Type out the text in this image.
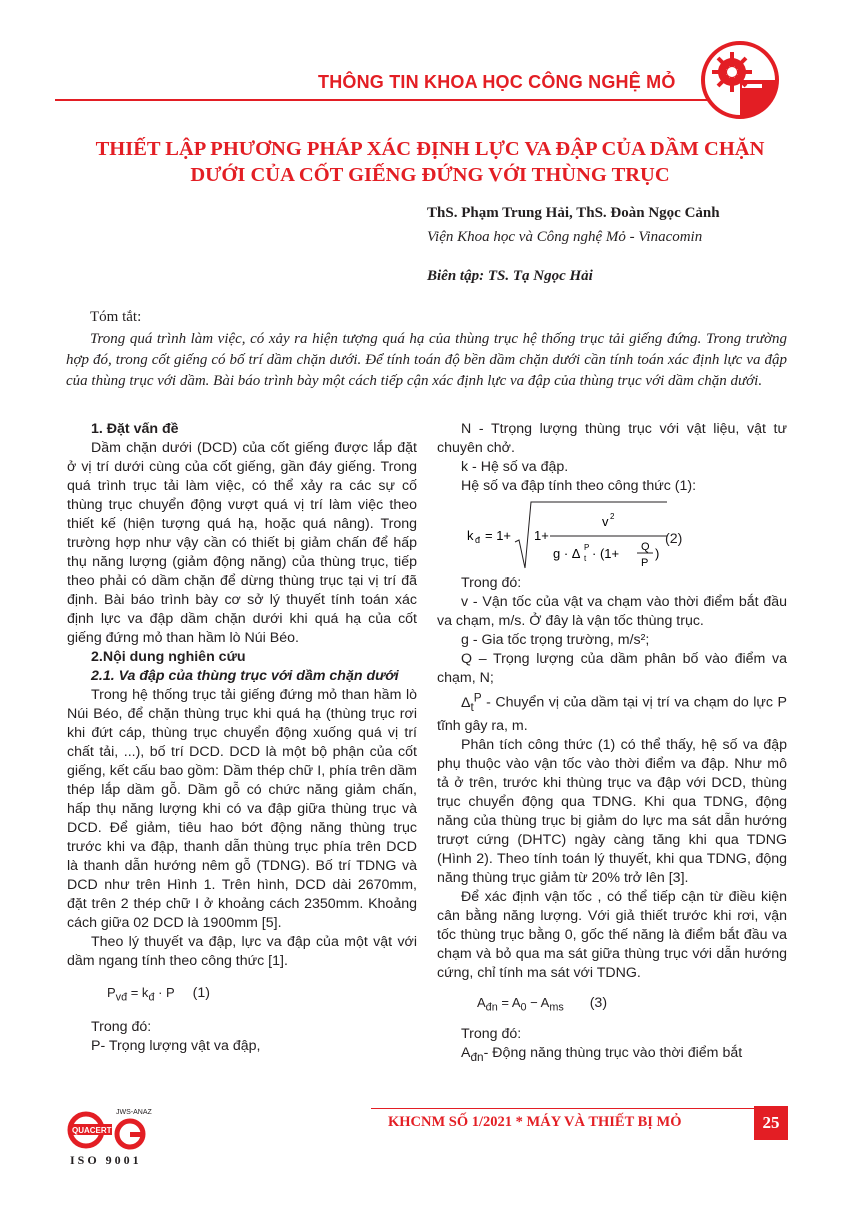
THÔNG TIN KHOA HỌC CÔNG NGHỆ MỎ
THIẾT LẬP PHƯƠNG PHÁP XÁC ĐỊNH LỰC VA ĐẬP CỦA DẦM CHẶN
DƯỚI CỦA CỐT GIẾNG ĐỨNG VỚI THÙNG TRỤC
ThS. Phạm Trung Hải, ThS. Đoàn Ngọc Cảnh
Viện Khoa học và Công nghệ Mỏ - Vinacomin
Biên tập: TS. Tạ Ngọc Hải
Tóm tắt:
Trong quá trình làm việc, có xảy ra hiện tượng quá hạ của thùng trục hệ thống trục tải giếng đứng. Trong trường hợp đó, trong cốt giếng có bố trí dầm chặn dưới. Để tính toán độ bền dầm chặn dưới cần tính toán xác định lực va đập của thùng trục với dầm. Bài báo trình bày một cách tiếp cận xác định lực va đập của thùng trục với dầm chặn dưới.
1. Đặt vấn đề

Dầm chặn dưới (DCD) của cốt giếng được lắp đặt ở vị trí dưới cùng của cốt giếng, gần đáy giếng. Trong quá trình trục tải làm việc, có thể xảy ra các sự cố thùng trục chuyển động vượt quá vị trí làm việc theo thiết kế (hiện tượng quá hạ, hoặc quá nâng). Trong trường hợp như vậy cần có thiết bị giảm chấn để hấp thụ năng lượng (giảm động năng) của thùng trục, tiếp theo phải có dầm chặn để dừng thùng trục tại vị trí đã định. Bài báo trình bày cơ sở lý thuyết tính toán xác định lực va đập dầm chặn dưới khi quá hạ của cốt giếng đứng mỏ than hầm lò Núi Béo.

2.Nội dung nghiên cứu

2.1. Va đập của thùng trục với dầm chặn dưới

Trong hệ thống trục tải giếng đứng mỏ than hầm lò Núi Béo, để chặn thùng trục khi quá hạ (thùng trục rơi khi đứt cáp, thùng trục chuyển động xuống quá vị trí chất tải, ...), bố trí DCD. DCD là một bộ phận của cốt giếng, kết cấu bao gồm: Dầm thép chữ I, phía trên dầm thép lắp dầm gỗ. Dầm gỗ có chức năng giảm chấn, hấp thụ năng lượng khi có va đập giữa thùng trục và DCD. Để giảm, tiêu hao bớt động năng thùng trục trước khi va đập, thanh dẫn thùng trục phía trên DCD là thanh dẫn hướng nêm gỗ (TDNG). Bố trí TDNG và DCD như trên Hình 1. Trên hình, DCD dài 2670mm, đặt trên 2 thép chữ I ở khoảng cách 2350mm. Khoảng cách giữa 02 DCD là 1900mm [5].

Theo lý thuyết va đập, lực va đập của một vật với dầm ngang tính theo công thức [1].

$P_{vđ} = k_đ \cdot P$ (1)

Trong đó:

P- Trọng lượng vật va đập,

N - Ttrọng lượng thùng trục với vật liệu, vật tư chuyên chở.

k - Hệ số va đập.

Hệ số va đập tính theo công thức (1):

k đ = 1+ 1+
v 2
g · Δ t
P · (1+ Q
P
)
(2)

Trong đó:

v - Vận tốc của vật va chạm vào thời điểm bắt đầu va chạm, m/s. Ở đây là vận tốc thùng trục.

g - Gia tốc trọng trường, m/s²;

Q – Trọng lượng của dầm phân bố vào điểm va chạm, N;

$\Delta_t^P$ - Chuyển vị của dầm tại vị trí va chạm do lực P tĩnh gây ra, m.

Phân tích công thức (1) có thể thấy, hệ số va đập phụ thuộc vào vận tốc vào thời điểm va đập. Như mô tả ở trên, trước khi thùng trục va đập với DCD, thùng trục chuyển động qua TDNG. Khi qua TDNG, động năng của thùng trục bị giảm do lực ma sát dẫn hướng trượt cứng (DHTC) ngày càng tăng khi qua TDNG (Hình 2). Theo tính toán lý thuyết, khi qua TDNG, động năng thùng trục giảm từ 20% trở lên [3].

Để xác định vận tốc , có thể tiếp cận từ điều kiện cân bằng năng lượng. Với giả thiết trước khi rơi, vận tốc thùng trục bằng 0, gốc thế năng là điểm bắt đầu va chạm và bỏ qua ma sát giữa thùng trục với dẫn hướng cứng, chỉ tính ma sát với TDNG.

$A_{đn} = A_0 - A_{ms}$ (3)

Trong đó:

$A_{đn}-$ Động năng thùng trục vào thời điểm bắt

KHCNM SỐ 1/2021 * MÁY VÀ THIẾT BỊ MỎ	25
QUACERT
JWS-ANAZ
ISO 9001
